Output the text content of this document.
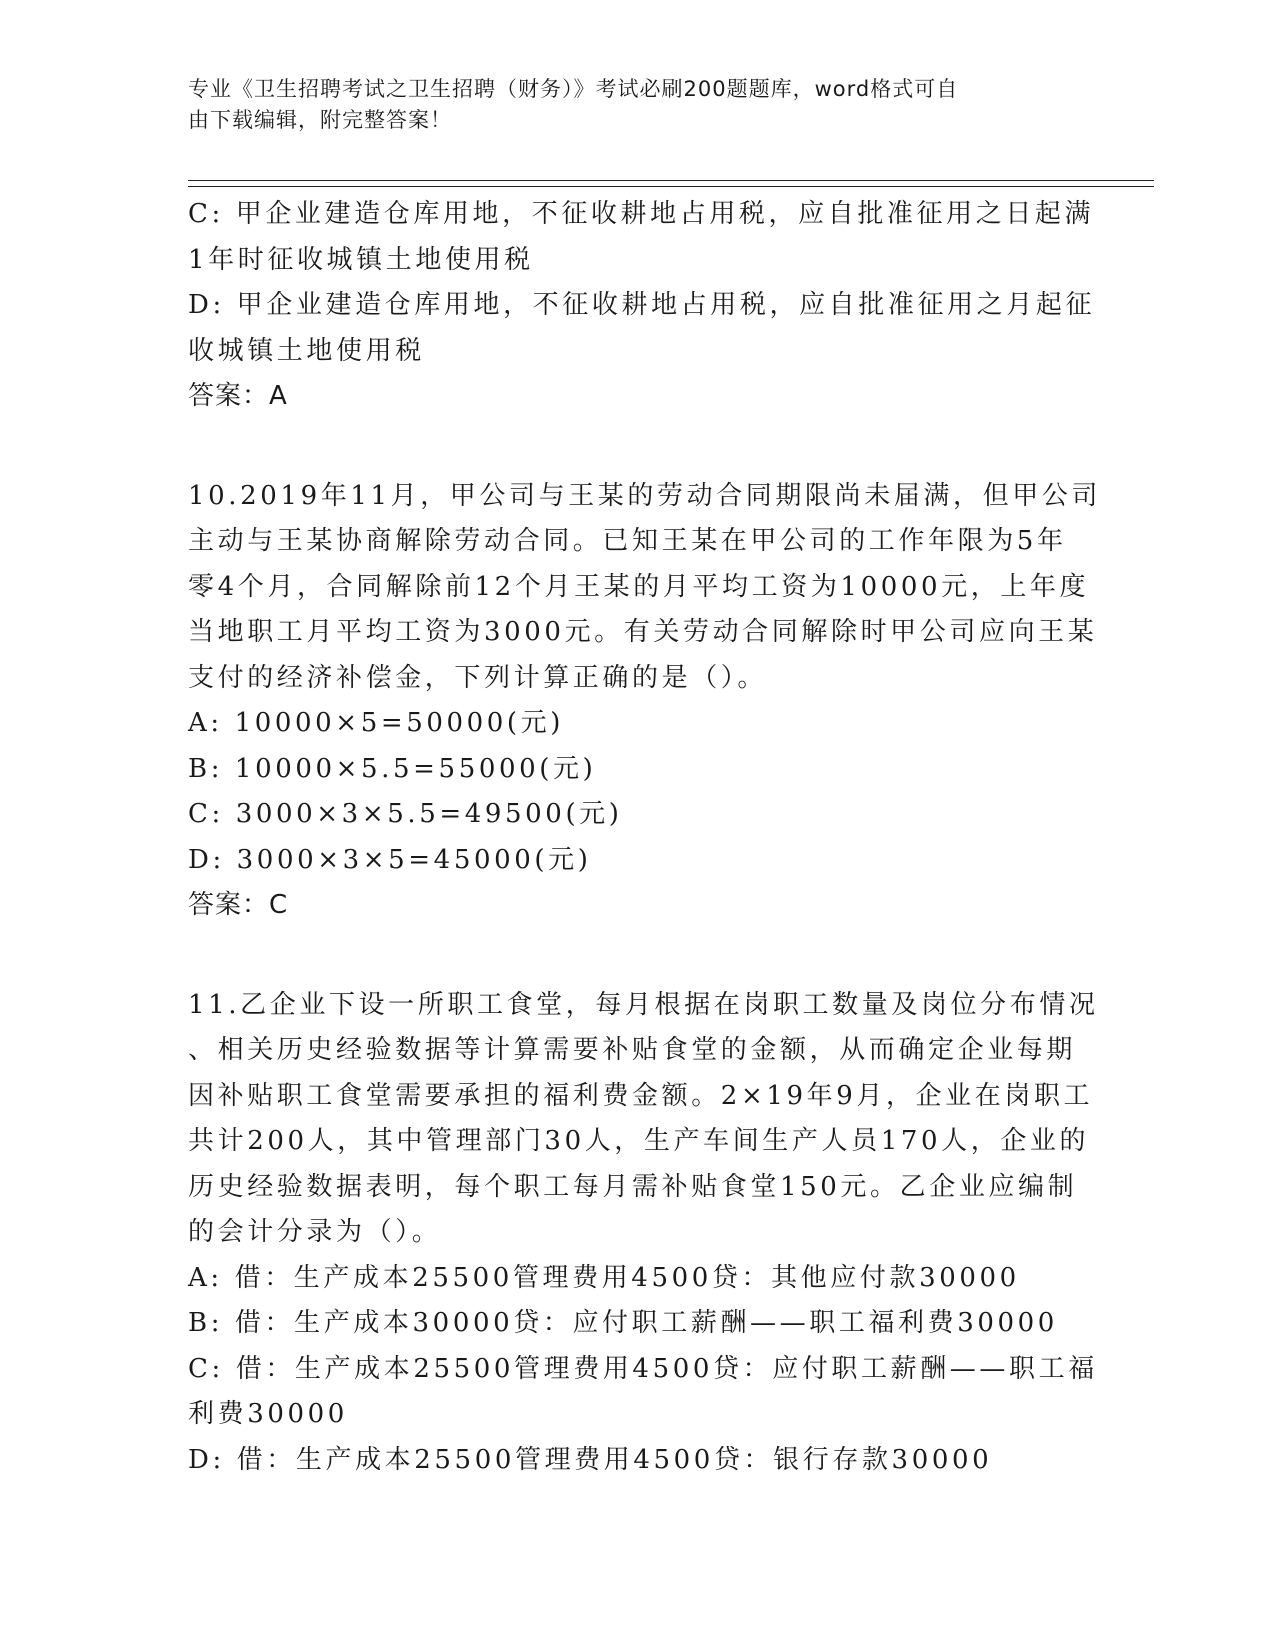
专业《卫生招聘考试之卫生招聘（财务）》考试必刷200题题库，word格式可自
由下载编辑，附完整答案！
C: 甲企业建造仓库用地，不征收耕地占用税，应自批准征用之日起满
1年时征收城镇土地使用税
D: 甲企业建造仓库用地，不征收耕地占用税，应自批准征用之月起征
收城镇土地使用税
答案：A
10.2019年11月，甲公司与王某的劳动合同期限尚未届满，但甲公司
主动与王某协商解除劳动合同。已知王某在甲公司的工作年限为5年
零4个月，合同解除前12个月王某的月平均工资为10000元，上年度
当地职工月平均工资为3000元。有关劳动合同解除时甲公司应向王某
支付的经济补偿金，下列计算正确的是（）。
A: 10000×5=50000(元)
B: 10000×5.5=55000(元)
C: 3000×3×5.5=49500(元)
D: 3000×3×5=45000(元)
答案：C
11.乙企业下设一所职工食堂，每月根据在岗职工数量及岗位分布情况
、相关历史经验数据等计算需要补贴食堂的金额，从而确定企业每期
因补贴职工食堂需要承担的福利费金额。2×19年9月，企业在岗职工
共计200人，其中管理部门30人，生产车间生产人员170人，企业的
历史经验数据表明，每个职工每月需补贴食堂150元。乙企业应编制
的会计分录为（）。
A: 借：生产成本25500管理费用4500贷：其他应付款30000
B: 借：生产成本30000贷：应付职工薪酬——职工福利费30000
C: 借：生产成本25500管理费用4500贷：应付职工薪酬——职工福
利费30000
D: 借：生产成本25500管理费用4500贷：银行存款30000
